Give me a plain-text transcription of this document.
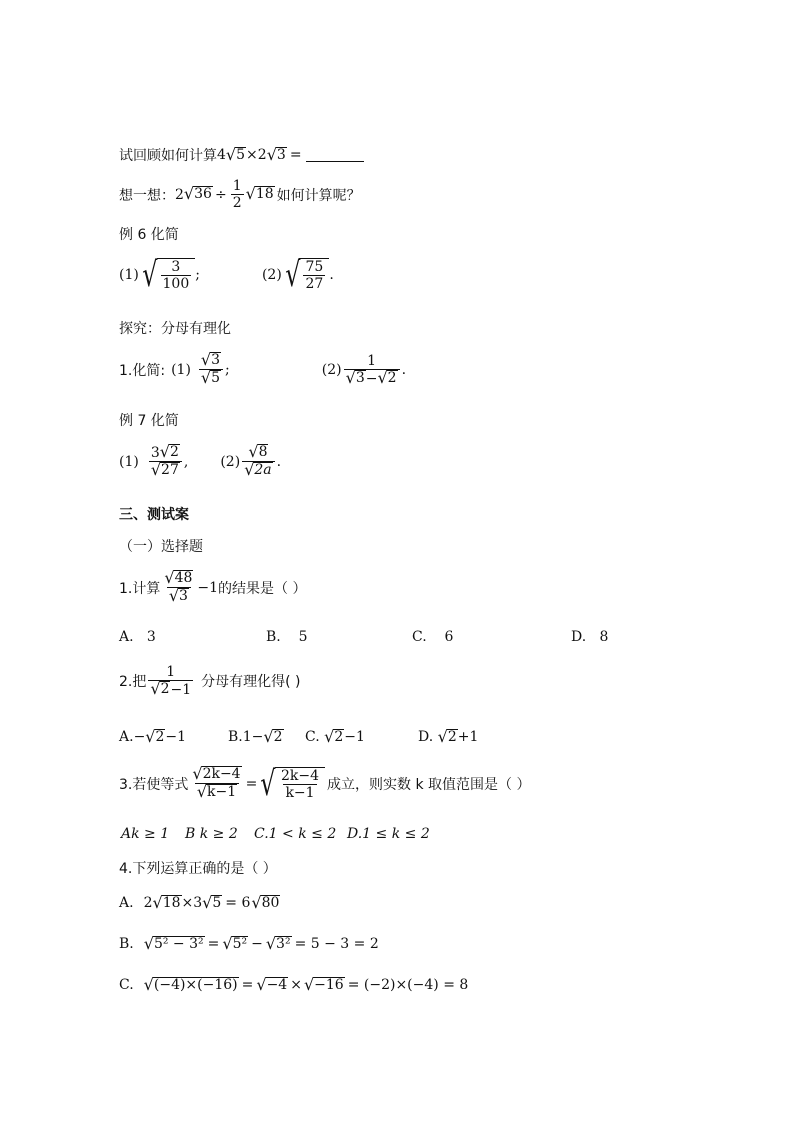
试回顾如何计算 4 √ 5 ×2 √ 3 =
想一想： 2 √ $36 \div \frac{1}{2}$ √ 18 如何计算呢？
例 6 化简
(1) √ $\frac{3}{100}$ ;	(2) √ $\frac{75}{27}$ .
探究：分母有理化
1.化简: $(1) \frac{√ 3}{√ 5}$ ;	$(2) \frac{1}{√ 3 - √ 2}$ .
例 7 化简
$(1) \frac{3 √ 2}{√ 27}$ , $(2) \frac{√ 8}{√ 2a}$ .
三、测试案
（一）选择题
1.计算 $\frac{√ 48}{√ 3} -1$ 的结果是（ ）
A. 3	B. 5	C. 6	D. 8
2.把 $\frac{1}{√ 2 -1}$ 分母有理化得( )
A. − √ 2 −1	B. 1− √ 2 C.
√ 2 −1	D.
√ 2 +1
3.若使等式 $\frac{√ 2k-4}{√ k-1}$ = √ $\frac{2k-4}{k-1}$ 成立，则实数 k 取值范围是（ ）
Ak ≥ 1 B k ≥ 2 C.1 < k ≤ 2 D.1 ≤ k ≤ 2
4.下列运算正确的是（ ）
A. 2 √ 18 ×3 √ 5 = 6 √ 80
B. √ 5² − 3² = √ 5² − √ 3² = 5 − 3 = 2
C. √ (−4)×(−16) = √ −4 × √ −16 = (−2)×(−4) = 8
